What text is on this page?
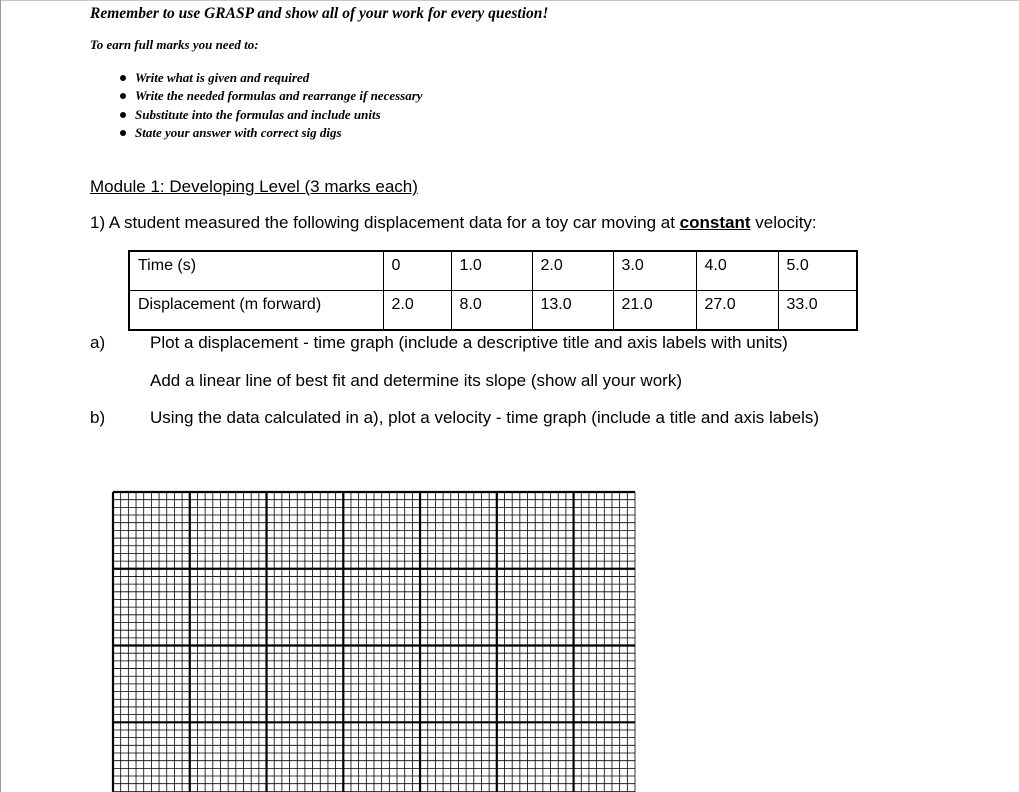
Remember to use GRASP and show all of your work for every question!
To earn full marks you need to:
Write what is given and required
Write the needed formulas and rearrange if necessary
Substitute into the formulas and include units
State your answer with correct sig digs
Module 1: Developing Level (3 marks each)
1) A student measured the following displacement data for a toy car moving at constant velocity:
Time (s)	0	1.0	2.0	3.0	4.0	5.0
Displacement (m forward)	2.0	8.0	13.0	21.0	27.0	33.0
a)	Plot a displacement - time graph (include a descriptive title and axis labels with units)
Add a linear line of best fit and determine its slope (show all your work)
b)	Using the data calculated in a), plot a velocity - time graph (include a title and axis labels)
